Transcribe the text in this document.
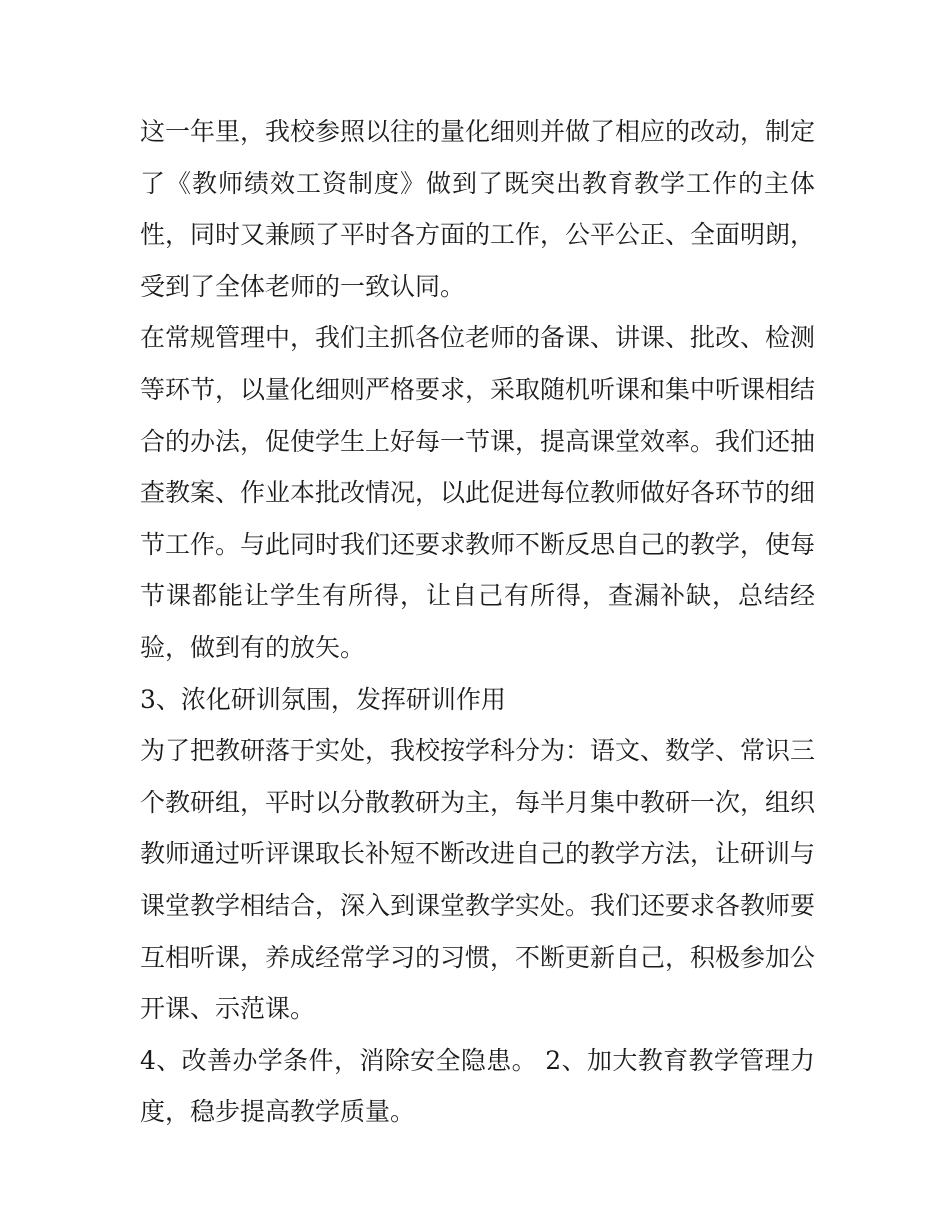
这一年里，我校参照以往的量化细则并做了相应的改动，制定
了《教师绩效工资制度》做到了既突出教育教学工作的主体
性，同时又兼顾了平时各方面的工作，公平公正、全面明朗，
受到了全体老师的一致认同。
在常规管理中，我们主抓各位老师的备课、讲课、批改、检测
等环节，以量化细则严格要求，采取随机听课和集中听课相结
合的办法，促使学生上好每一节课，提高课堂效率。我们还抽
查教案、作业本批改情况，以此促进每位教师做好各环节的细
节工作。与此同时我们还要求教师不断反思自己的教学，使每
节课都能让学生有所得，让自己有所得，查漏补缺，总结经
验，做到有的放矢。
3、浓化研训氛围，发挥研训作用
为了把教研落于实处，我校按学科分为：语文、数学、常识三
个教研组，平时以分散教研为主，每半月集中教研一次，组织
教师通过听评课取长补短不断改进自己的教学方法，让研训与
课堂教学相结合，深入到课堂教学实处。我们还要求各教师要
互相听课，养成经常学习的习惯，不断更新自己，积极参加公
开课、示范课。
4、改善办学条件，消除安全隐患。 2、加大教育教学管理力
度，稳步提高教学质量。
